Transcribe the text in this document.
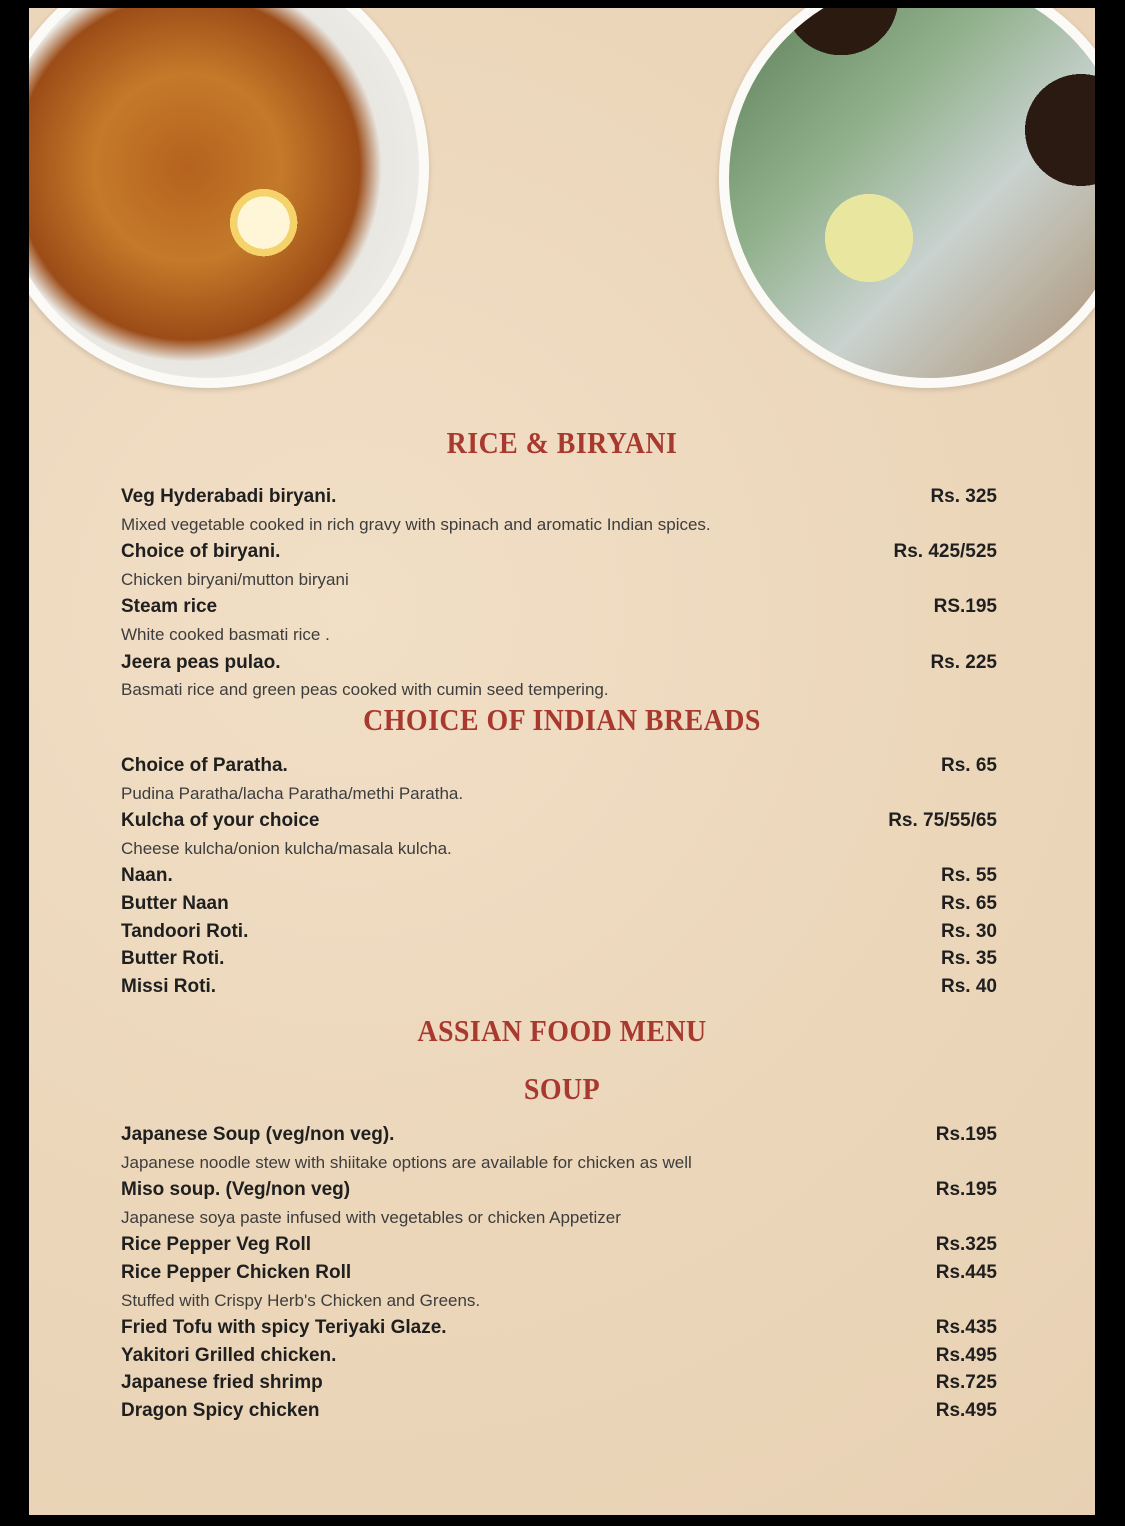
RICE & BIRYANI
Veg Hyderabadi biryani.	Rs. 325
Mixed vegetable cooked in rich gravy with spinach and aromatic Indian spices.
Choice of biryani.	Rs. 425/525
Chicken biryani/mutton biryani
Steam rice	RS.195
White cooked basmati rice .
Jeera peas pulao.	Rs. 225
Basmati rice and green peas cooked with cumin seed tempering.
CHOICE OF INDIAN BREADS
Choice of Paratha.	Rs. 65
Pudina Paratha/lacha Paratha/methi Paratha.
Kulcha of your choice	Rs. 75/55/65
Cheese kulcha/onion kulcha/masala kulcha.
Naan.	Rs. 55
Butter Naan	Rs. 65
Tandoori Roti.	Rs. 30
Butter Roti.	Rs. 35
Missi Roti.	Rs. 40
ASSIAN FOOD MENU
SOUP
Japanese Soup (veg/non veg).	Rs.195
Japanese noodle stew with shiitake options are available for chicken as well
Miso soup. (Veg/non veg)	Rs.195
Japanese soya paste infused with vegetables or chicken Appetizer
Rice Pepper Veg Roll	Rs.325
Rice Pepper Chicken Roll	Rs.445
Stuffed with Crispy Herb's Chicken and Greens.
Fried Tofu with spicy Teriyaki Glaze.	Rs.435
Yakitori Grilled chicken.	Rs.495
Japanese fried shrimp	Rs.725
Dragon Spicy chicken	Rs.495
